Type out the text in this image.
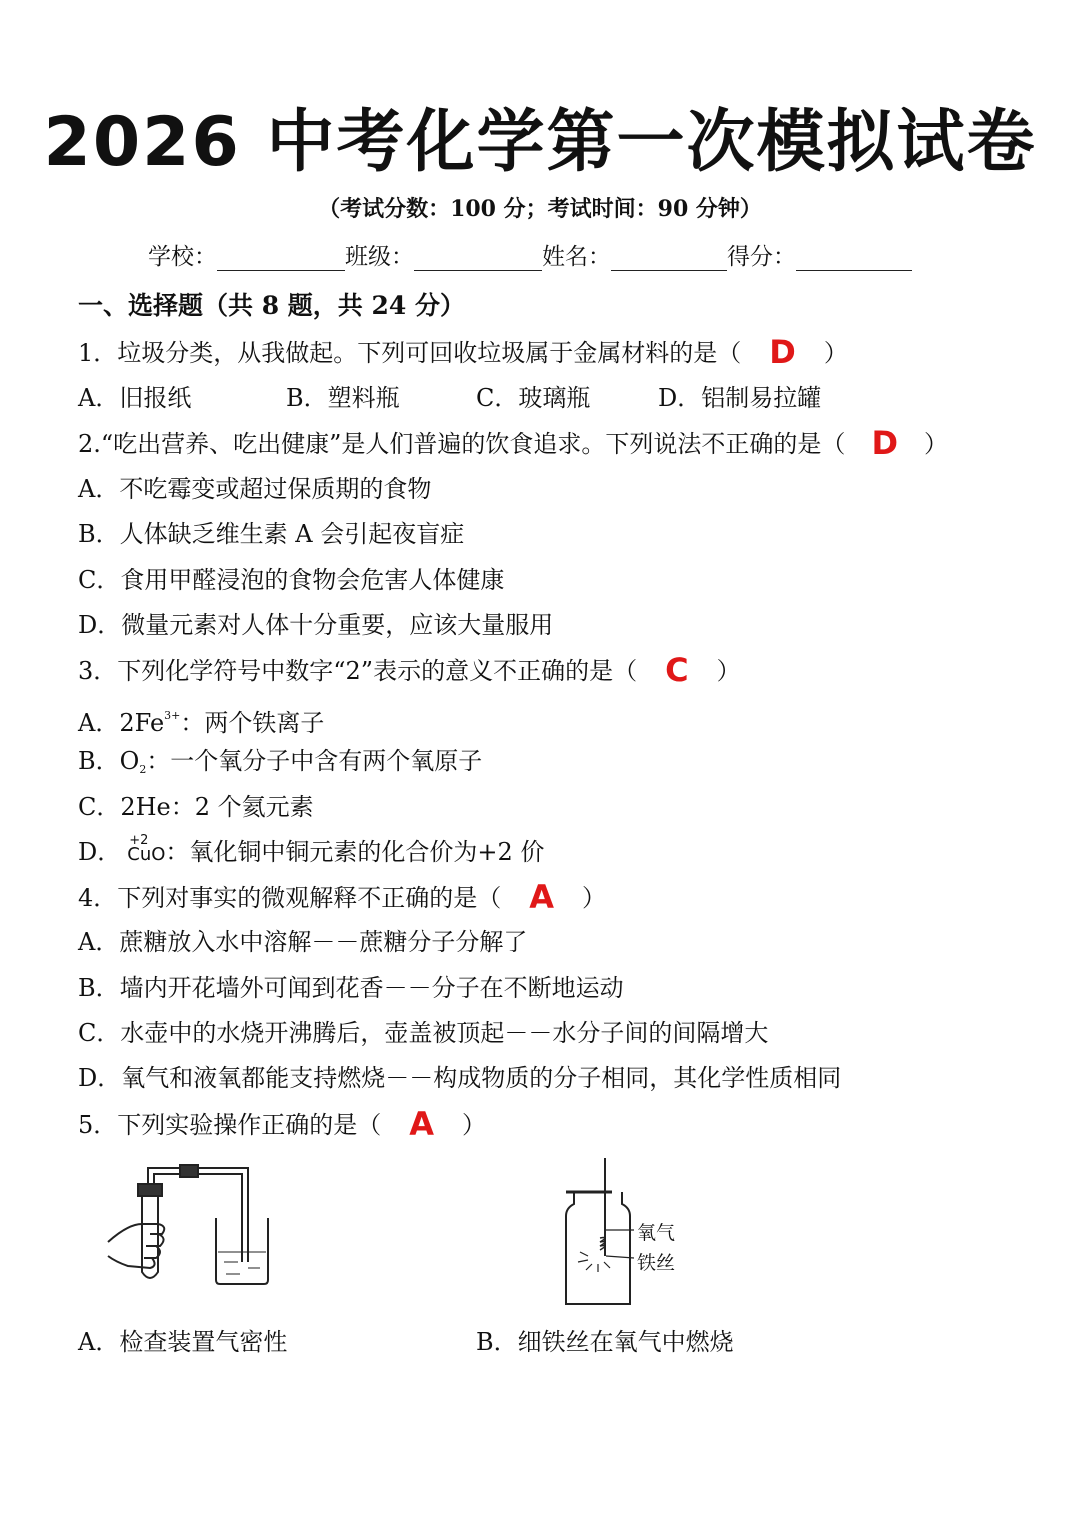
2026 中考化学第一次模拟试卷
（考试分数：100 分；考试时间：90 分钟）
学校：	班级：	姓名：	得分：
一、选择题（共 8 题，共 24 分）
1．垃圾分类，从我做起。下列可回收垃圾属于金属材料的是（ D ）
A．旧报纸	B．塑料瓶	C．玻璃瓶	D．铝制易拉罐
2.“吃出营养、吃出健康”是人们普遍的饮食追求。下列说法不正确的是（ D ）
A．不吃霉变或超过保质期的食物
B．人体缺乏维生素 A 会引起夜盲症
C．食用甲醛浸泡的食物会危害人体健康
D．微量元素对人体十分重要，应该大量服用
3．下列化学符号中数字“2”表示的意义不正确的是（ C ）
A．$2Fe^{3+}$：两个铁离子
B．$O_2$：一个氧分子中含有两个氧原子
C．2He：2 个氦元素
D． +2
CuO：氧化铜中铜元素的化合价为+2 价
4．下列对事实的微观解释不正确的是（ A ）
A．蔗糖放入水中溶解－－蔗糖分子分解了
B．墙内开花墙外可闻到花香－－分子在不断地运动
C．水壶中的水烧开沸腾后，壶盖被顶起－－水分子间的间隔增大
D．氧气和液氧都能支持燃烧－－构成物质的分子相同，其化学性质相同
5．下列实验操作正确的是（ A ）
氧气
铁丝
A．检查装置气密性	B．细铁丝在氧气中燃烧
